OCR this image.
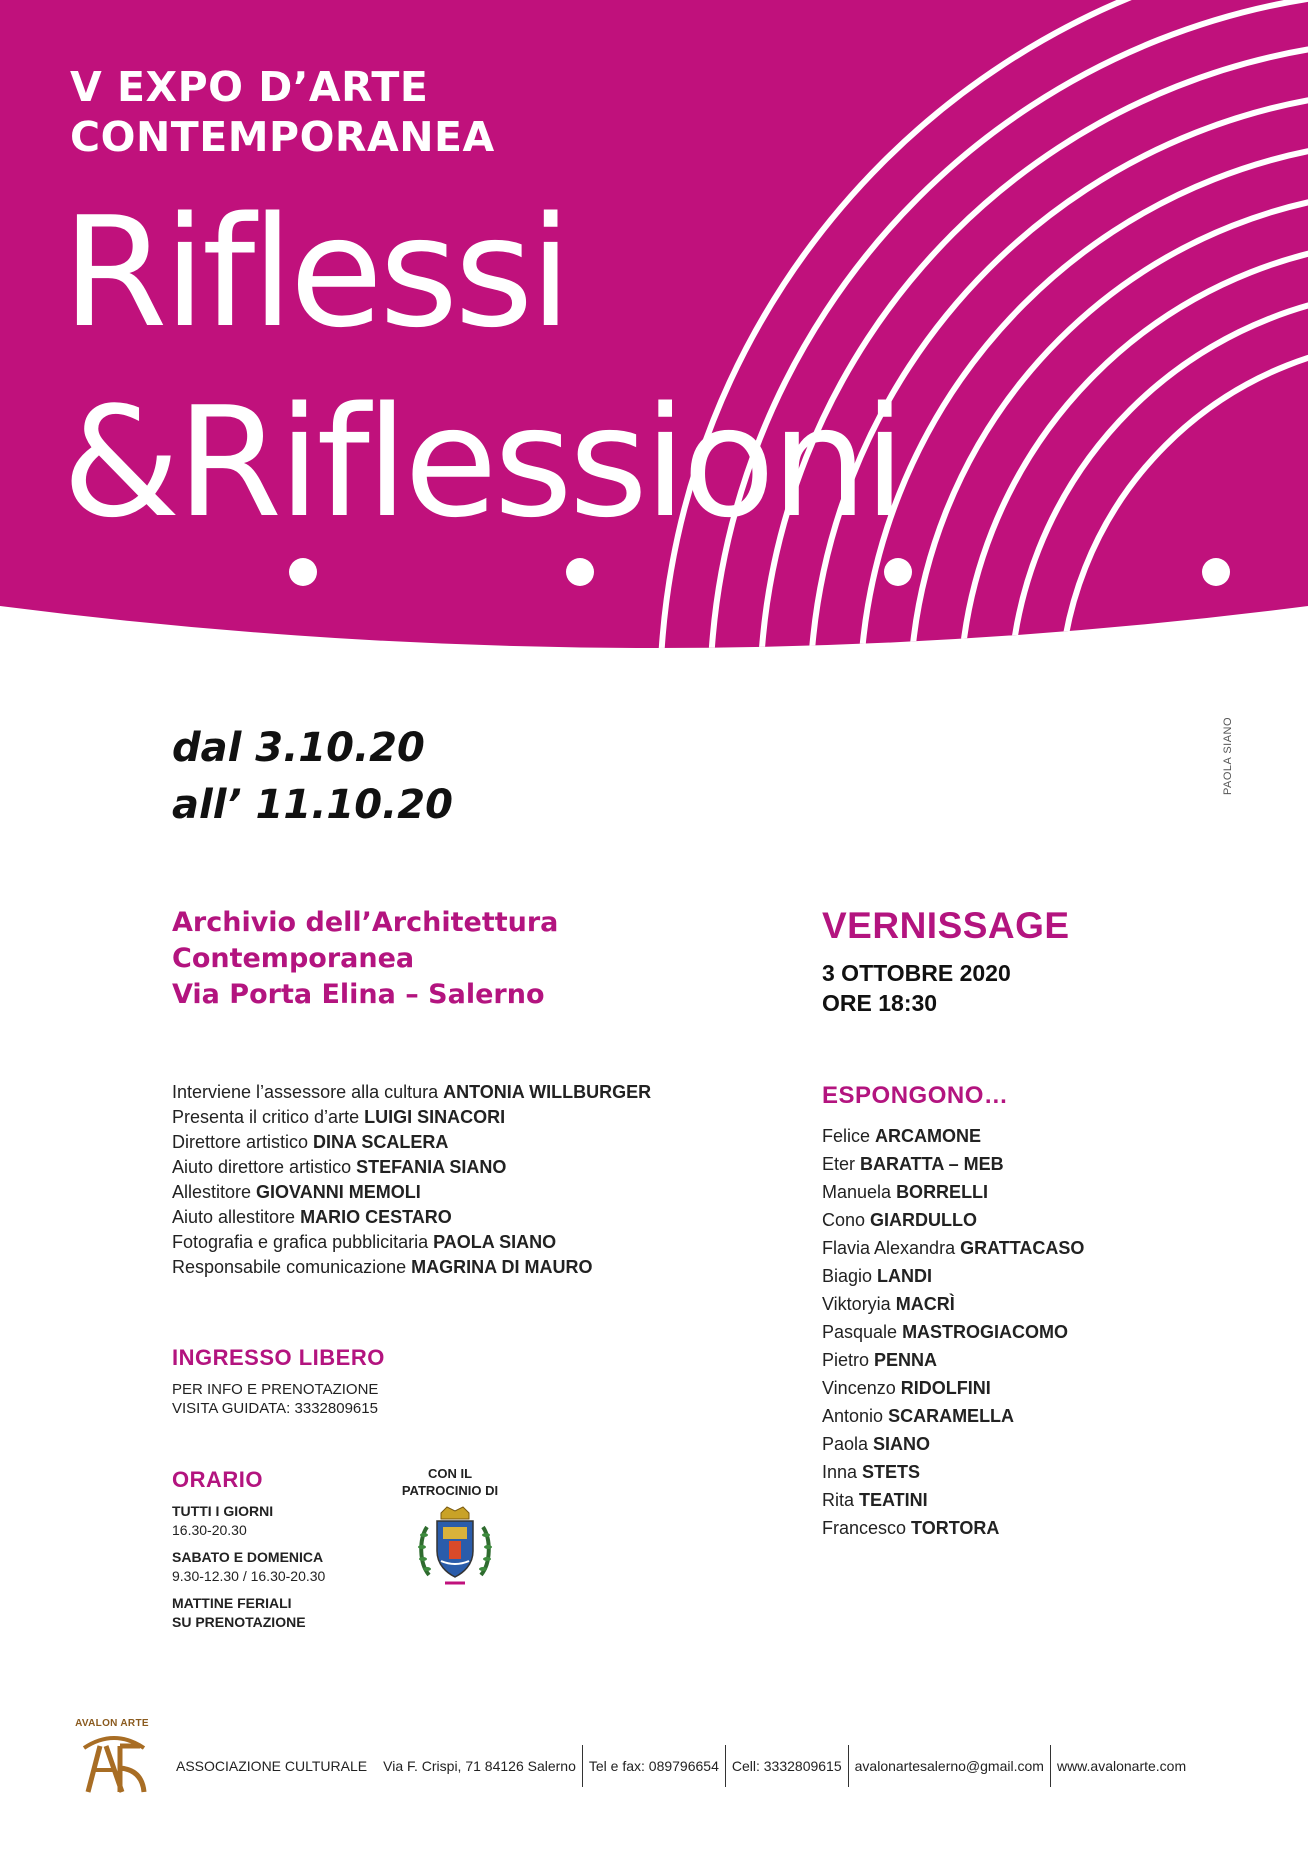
V EXPO D’ARTE
CONTEMPORANEA
Riflessi
&Riflessioni
dal 3.10.20
all’ 11.10.20
PAOLA SIANO
Archivio dell’Architettura
Contemporanea
Via Porta Elina – Salerno
VERNISSAGE
3 OTTOBRE 2020
ORE 18:30
Interviene l’assessore alla cultura ANTONIA WILLBURGER
Presenta il critico d’arte LUIGI SINACORI
Direttore artistico DINA SCALERA
Aiuto direttore artistico STEFANIA SIANO
Allestitore GIOVANNI MEMOLI
Aiuto allestitore MARIO CESTARO
Fotografia e grafica pubblicitaria PAOLA SIANO
Responsabile comunicazione MAGRINA DI MAURO
ESPONGONO…
Felice ARCAMONE
Eter BARATTA – MEB
Manuela BORRELLI
Cono GIARDULLO
Flavia Alexandra GRATTACASO
Biagio LANDI
Viktoryia MACRÌ
Pasquale MASTROGIACOMO
Pietro PENNA
Vincenzo RIDOLFINI
Antonio SCARAMELLA
Paola SIANO
Inna STETS
Rita TEATINI
Francesco TORTORA
INGRESSO LIBERO
PER INFO E PRENOTAZIONE
VISITA GUIDATA: 3332809615
ORARIO
TUTTI I GIORNI
16.30-20.30
SABATO E DOMENICA
9.30-12.30 / 16.30-20.30
MATTINE FERIALI
SU PRENOTAZIONE
CON IL
PATROCINIO DI
AVALON ARTE
ASSOCIAZIONE CULTURALE	Via F. Crispi, 71 84126 Salerno Tel e fax: 089796654 Cell: 3332809615 avalonartesalerno@gmail.com www.avalonarte.com
